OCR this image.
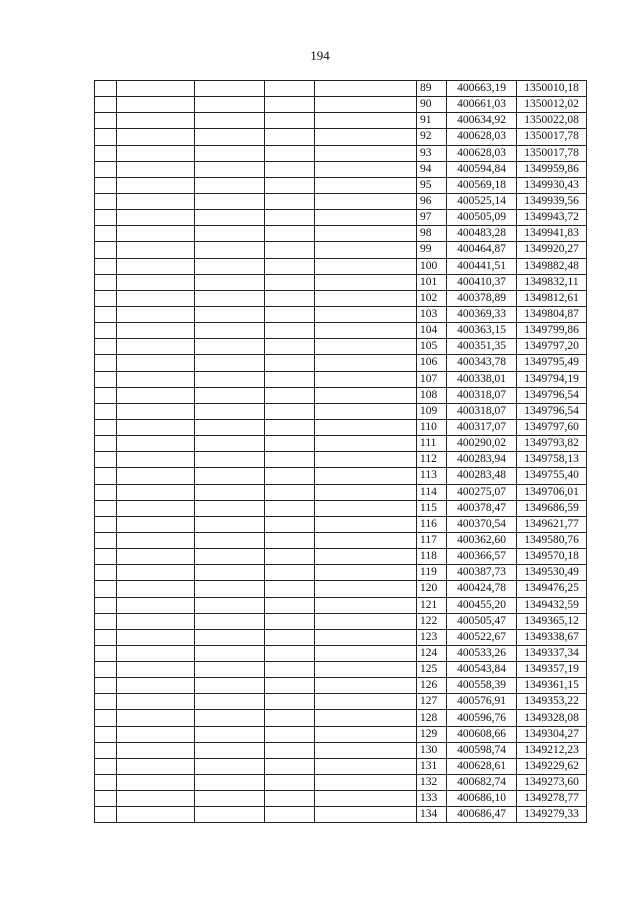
194
					89	400663,19	1350010,18
					90	400661,03	1350012,02
					91	400634,92	1350022,08
					92	400628,03	1350017,78
					93	400628,03	1350017,78
					94	400594,84	1349959,86
					95	400569,18	1349930,43
					96	400525,14	1349939,56
					97	400505,09	1349943,72
					98	400483,28	1349941,83
					99	400464,87	1349920,27
					100	400441,51	1349882,48
					101	400410,37	1349832,11
					102	400378,89	1349812,61
					103	400369,33	1349804,87
					104	400363,15	1349799,86
					105	400351,35	1349797,20
					106	400343,78	1349795,49
					107	400338,01	1349794,19
					108	400318,07	1349796,54
					109	400318,07	1349796,54
					110	400317,07	1349797,60
					111	400290,02	1349793,82
					112	400283,94	1349758,13
					113	400283,48	1349755,40
					114	400275,07	1349706,01
					115	400378,47	1349686,59
					116	400370,54	1349621,77
					117	400362,60	1349580,76
					118	400366,57	1349570,18
					119	400387,73	1349530,49
					120	400424,78	1349476,25
					121	400455,20	1349432,59
					122	400505,47	1349365,12
					123	400522,67	1349338,67
					124	400533,26	1349337,34
					125	400543,84	1349357,19
					126	400558,39	1349361,15
					127	400576,91	1349353,22
					128	400596,76	1349328,08
					129	400608,66	1349304,27
					130	400598,74	1349212,23
					131	400628,61	1349229,62
					132	400682,74	1349273,60
					133	400686,10	1349278,77
					134	400686,47	1349279,33
